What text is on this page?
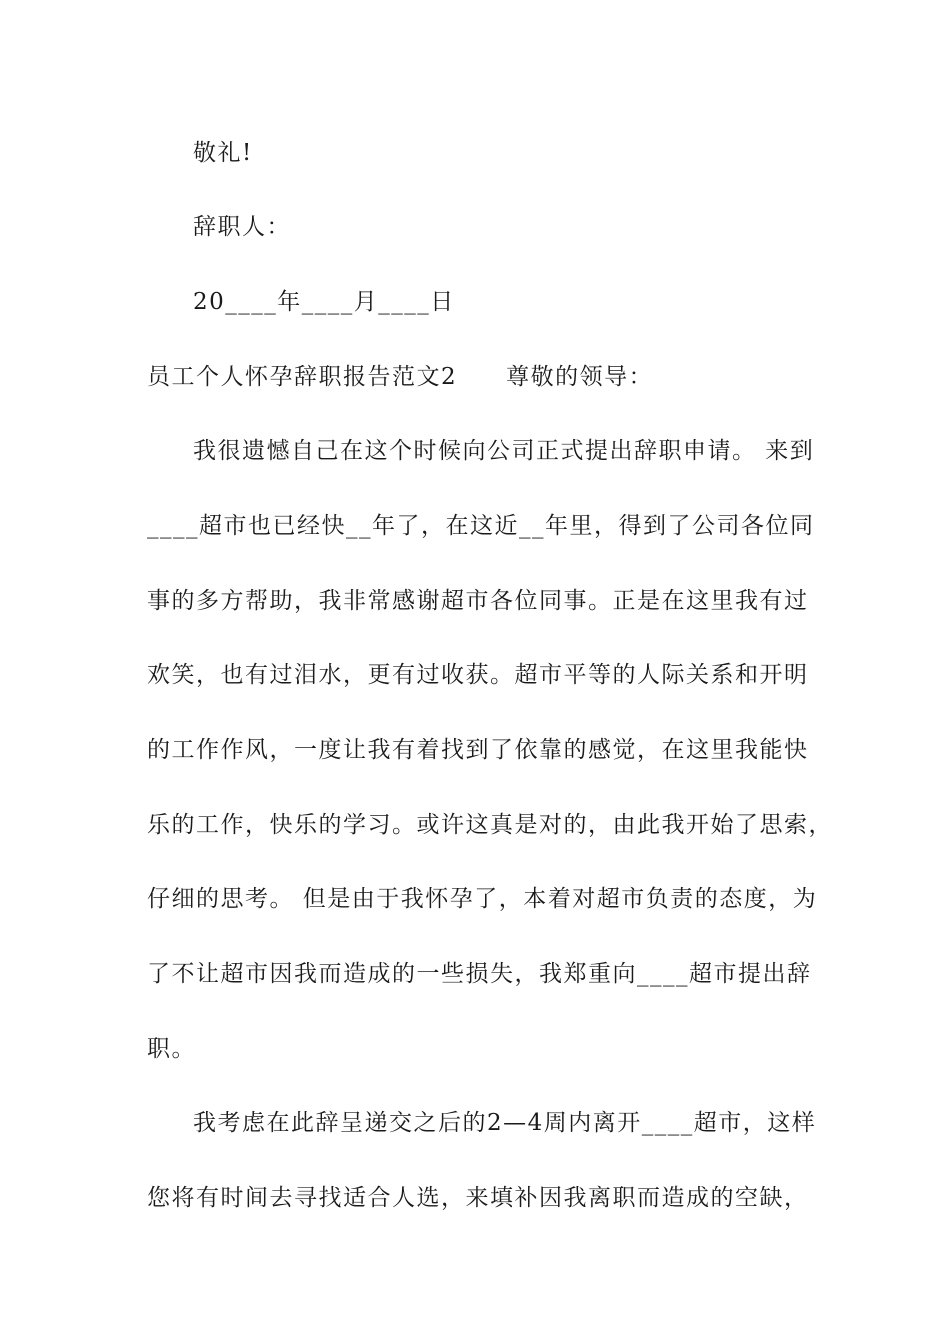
敬礼!
辞职人：
20____年____月____日
员工个人怀孕辞职报告范文2　　尊敬的领导：
我很遗憾自己在这个时候向公司正式提出辞职申请。 来到
____超市也已经快__年了，在这近__年里，得到了公司各位同
事的多方帮助，我非常感谢超市各位同事。正是在这里我有过
欢笑，也有过泪水，更有过收获。超市平等的人际关系和开明
的工作作风，一度让我有着找到了依靠的感觉，在这里我能快
乐的工作，快乐的学习。或许这真是对的，由此我开始了思索，
仔细的思考。 但是由于我怀孕了，本着对超市负责的态度，为
了不让超市因我而造成的一些损失，我郑重向____超市提出辞
职。
我考虑在此辞呈递交之后的2—4周内离开____超市，这样
您将有时间去寻找适合人选，来填补因我离职而造成的空缺，
